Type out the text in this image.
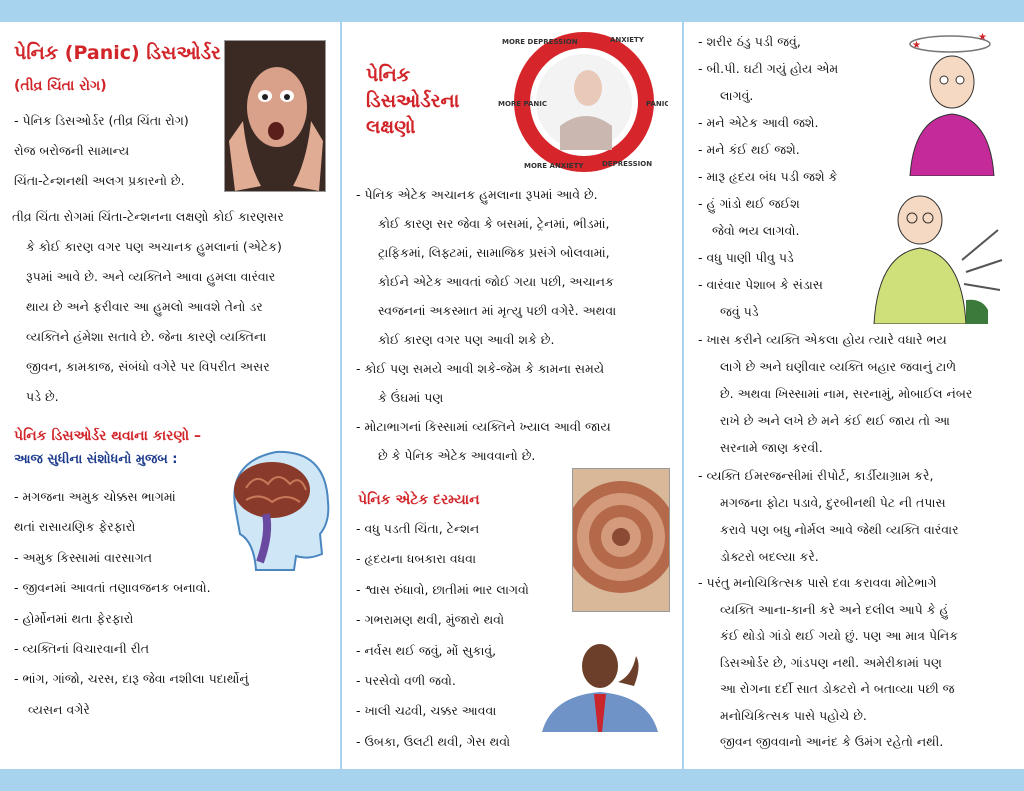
પેનિક (Panic) ડિસઓર્ડર
(તીવ્ર ચિંતા રોગ)

- પેનિક ડિસઓર્ડર (તીવ્ર ચિંતા રોગ)

રોજ બરોજની સામાન્ય

ચિંતા-ટેન્શનથી અલગ પ્રકારનો છે.

તીવ્ર ચિંતા રોગમાં ચિંતા-ટેન્શનના લક્ષણો કોઈ કારણસર

કે કોઈ કારણ વગર પણ અચાનક હુમલાનાં (એટેક)

રૂપમાં આવે છે. અને વ્યક્તિને આવા હુમલા વારંવાર

થાય છે અને ફરીવાર આ હુમલો આવશે તેનો ડર

વ્યક્તિને હંમેશા સતાવે છે. જેના કારણે વ્યક્તિના

જીવન, કામકાજ, સંબંધો વગેરે પર વિપરીત અસર

પડે છે.

પેનિક ડિસઓર્ડર થવાના કારણો –
આજ સુધીના સંશોધનો મુજબ :
- મગજના અમુક ચોક્કસ ભાગમાં
થતાં રાસાયણિક ફેરફારો
- અમુક કિસ્સામાં વારસાગત
- જીવનમાં આવતાં તણાવજનક બનાવો.
- હોર્મોનમાં થતા ફેરફારો
- વ્યક્તિનાં વિચારવાની રીત
- ભાંગ, ગાંજો, ચરસ, દારૂ જેવા નશીલા પદાર્થોનું
વ્યસન વગેરે
પેનિક
ડિસઓર્ડરના
લક્ષણો
MORE DEPRESSION	ANXIETY
PANIC
DEPRESSION
MORE ANXIETY
MORE PANIC
- પેનિક એટેક અચાનક હુમલાના રૂપમાં આવે છે.
કોઈ કારણ સર જેવા કે બસમાં, ટ્રેનમાં, ભીડમાં,
ટ્રાફિકમાં, લિફ્ટમાં, સામાજિક પ્રસંગે બોલવામાં,
કોઈને એટેક આવતાં જોઈ ગયા પછી, અચાનક
સ્વજનનાં અકસ્માત માં મૃત્યુ પછી વગેરે. અથવા
કોઈ કારણ વગર પણ આવી શકે છે.
- કોઈ પણ સમયે આવી શકે-જેમ કે કામના સમયે
કે ઉંઘમાં પણ
- મોટાભાગનાં કિસ્સામાં વ્યક્તિને ખ્યાલ આવી જાય
છે કે પેનિક એટેક આવવાનો છે.
પેનિક એટેક દરમ્યાન
- વધુ પડતી ચિંતા, ટેન્શન
- હૃદયના ધબકારા વધવા
- શ્વાસ રુંધાવો, છાતીમાં ભાર લાગવો
- ગભરામણ થવી, મુંજારો થવો
- નર્વસ થઈ જવું, મોં સુકાવું,
- પરસેવો વળી જવો.
- ખાલી ચઢવી, ચક્કર આવવા
- ઉબકા, ઉલટી થવી, ગેસ થવો
- શરીર ઠંડુ પડી જવું,
- બી.પી. ઘટી ગયું હોય એમ
લાગવું.
- મને એટેક આવી જશે.
- મને કંઈ થઈ જશે.
- મારૂ હૃદય બંધ પડી જશે કે
- હું ગાંડો થઈ જઈશ
જેવો ભય લાગવો.
- વધુ પાણી પીવુ પડે
- વારંવાર પેશાબ કે સંડાસ
જવું પડે
★
★

- ખાસ કરીને વ્યક્તિ એકલા હોય ત્યારે વધારે ભય

લાગે છે અને ઘણીવાર વ્યક્તિ બહાર જવાનું ટાળે

છે. અથવા ખિસ્સામાં નામ, સરનામું, મોબાઈલ નંબર

રાખે છે અને લખે છે મને કંઈ થઈ જાય તો આ

સરનામે જાણ કરવી.

- વ્યક્તિ ઈમરજન્સીમાં રીપોર્ટ, કાર્ડીયાગ્રામ કરે,

મગજના ફોટા પડાવે, દુરબીનથી પેટ ની તપાસ

કરાવે પણ બધુ નોર્મલ આવે જેથી વ્યક્તિ વારંવાર

ડોક્ટરો બદલ્યા કરે.

- પરંતુ મનોચિકિત્સક પાસે દવા કરાવવા મોટેભાગે

વ્યક્તિ આના-કાની કરે અને દલીલ આપે કે હું

કંઈ થોડો ગાંડો થઈ ગયો છું. પણ આ માત્ર પેનિક

ડિસઓર્ડર છે, ગાંડપણ નથી. અમેરીકામાં પણ

આ રોગના દર્દી સાત ડોક્ટરો ને બતાવ્યા પછી જ

મનોચિકિત્સક પાસે પહોચે છે.

જીવન જીવવાનો આનંદ કે ઉમંગ રહેતો નથી.
